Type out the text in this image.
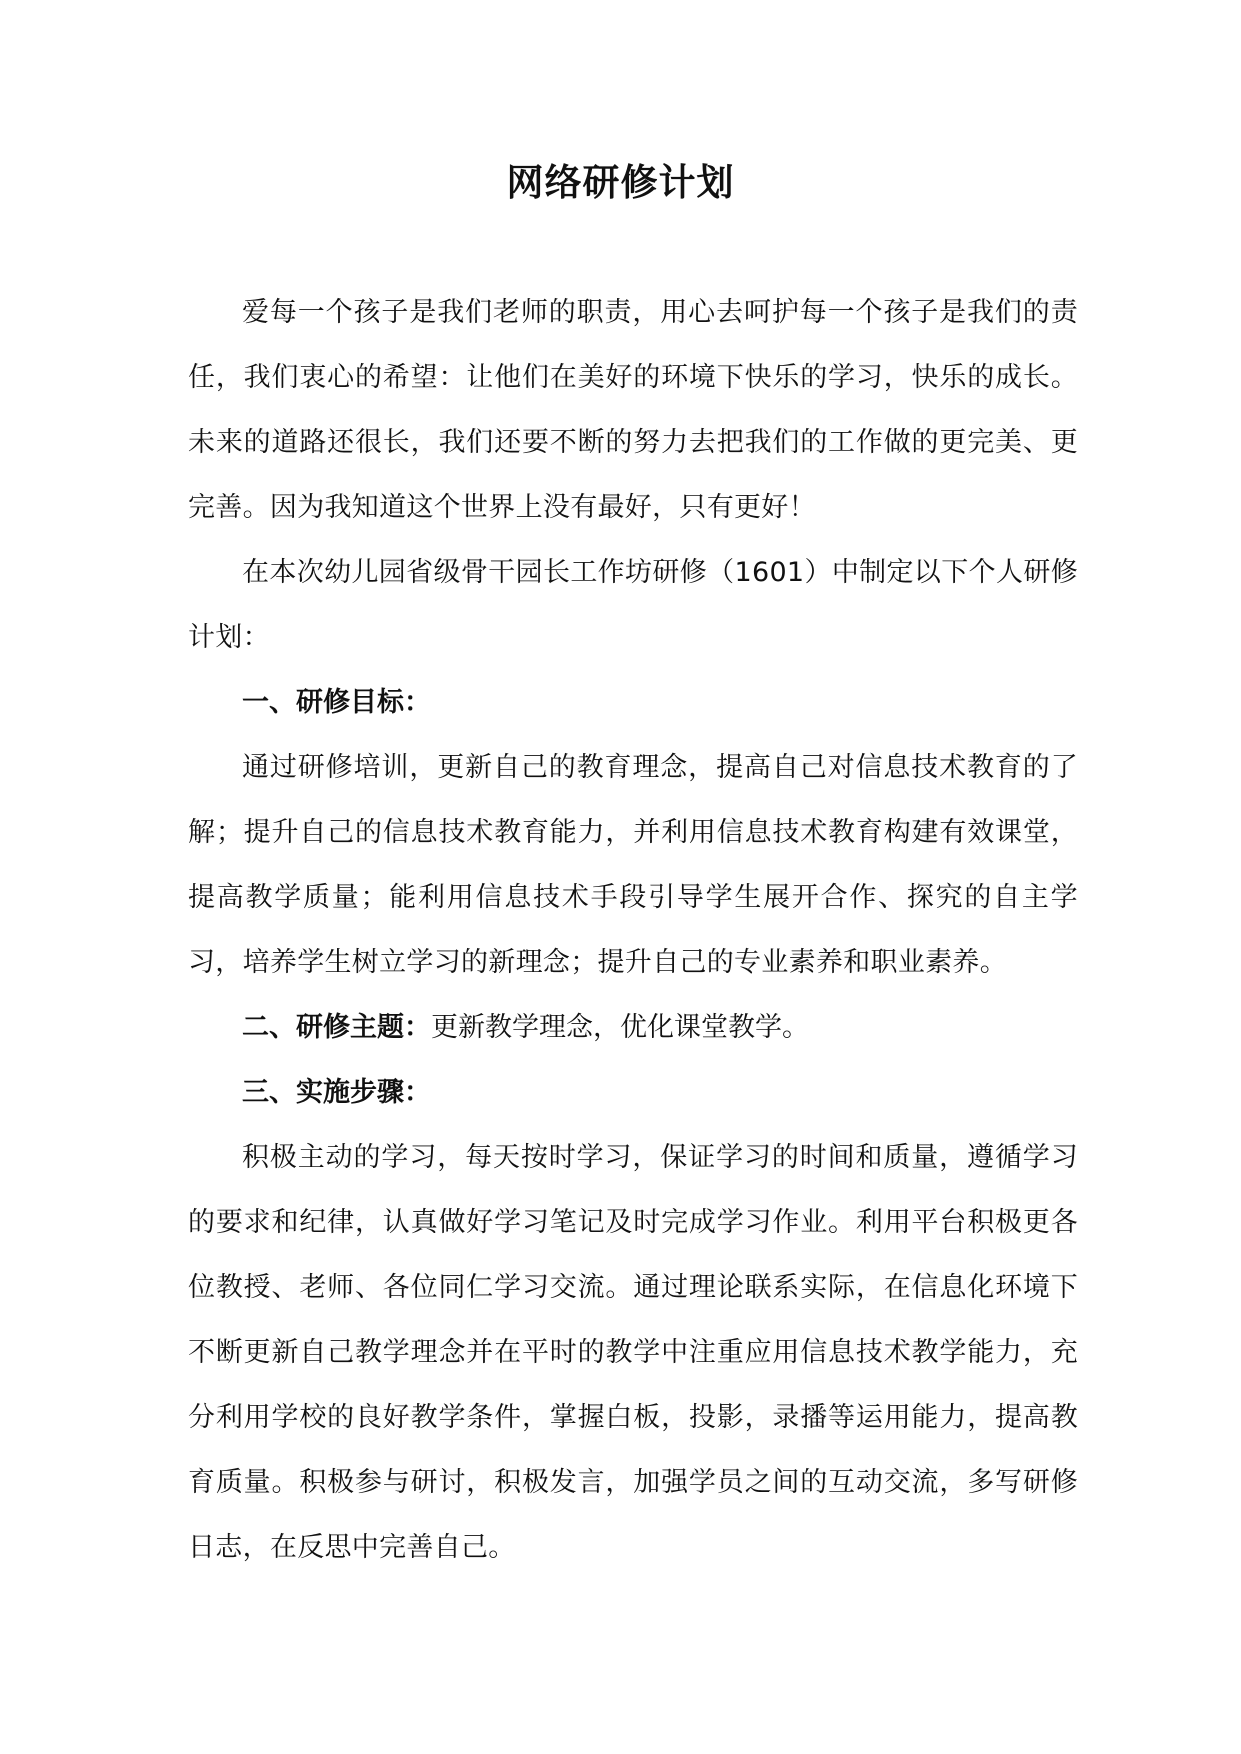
网络研修计划

爱每一个孩子是我们老师的职责，用心去呵护每一个孩子是我们的责任，我们衷心的希望：让他们在美好的环境下快乐的学习，快乐的成长。未来的道路还很长，我们还要不断的努力去把我们的工作做的更完美、更完善。因为我知道这个世界上没有最好，只有更好！

在本次幼儿园省级骨干园长工作坊研修（1601）中制定以下个人研修计划：

一、研修目标：

通过研修培训，更新自己的教育理念，提高自己对信息技术教育的了解；提升自己的信息技术教育能力，并利用信息技术教育构建有效课堂，提高教学质量；能利用信息技术手段引导学生展开合作、探究的自主学习，培养学生树立学习的新理念；提升自己的专业素养和职业素养。

二、研修主题：更新教学理念，优化课堂教学。

三、实施步骤：

积极主动的学习，每天按时学习，保证学习的时间和质量，遵循学习的要求和纪律，认真做好学习笔记及时完成学习作业。利用平台积极更各位教授、老师、各位同仁学习交流。通过理论联系实际，在信息化环境下不断更新自己教学理念并在平时的教学中注重应用信息技术教学能力，充分利用学校的良好教学条件，掌握白板，投影，录播等运用能力，提高教育质量。积极参与研讨，积极发言，加强学员之间的互动交流，多写研修日志，在反思中完善自己。
